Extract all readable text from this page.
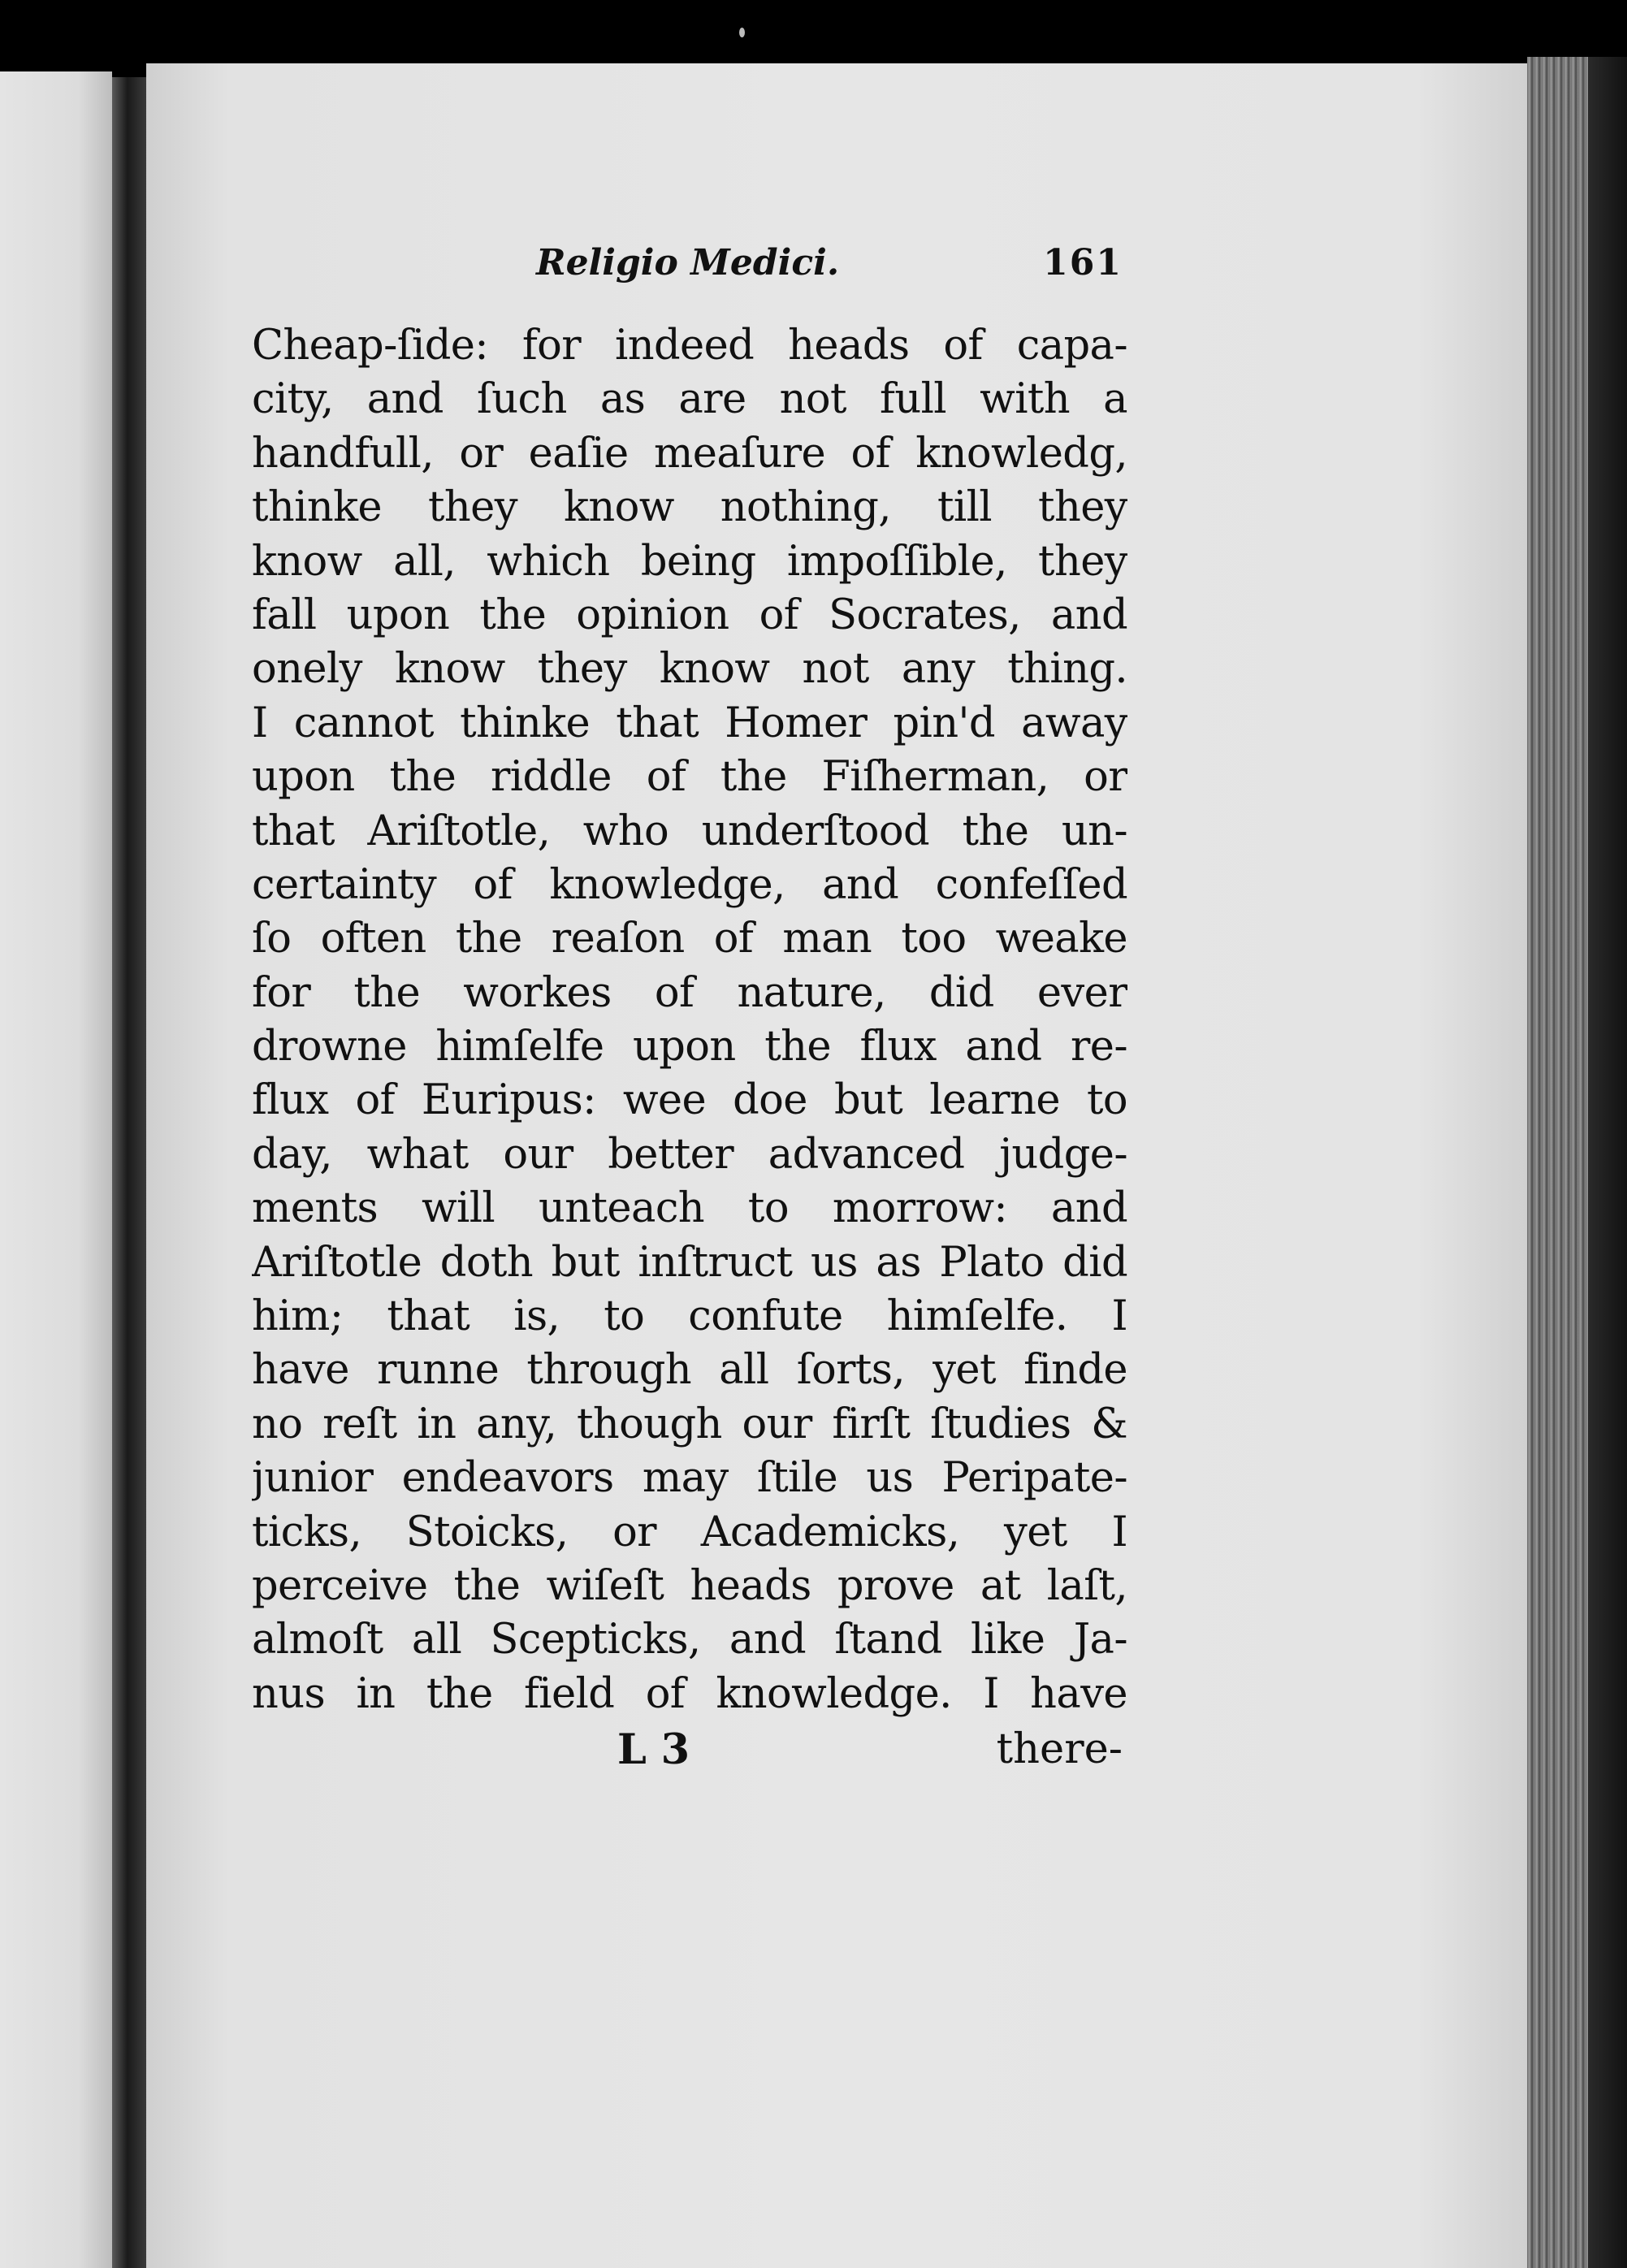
Religio Medici.	161
Cheap-ſide: for indeed heads of capa-
city, and ſuch as are not full with a
handfull, or eaſie meaſure of knowledg,
thinke they know nothing, till they
know all, which being impoſſible, they
fall upon the opinion of Socrates, and
onely know they know not any thing.
I cannot thinke that Homer pin'd away
upon the riddle of the Fiſherman, or
that Ariſtotle, who underſtood the un-
certainty of knowledge, and confeſſed
ſo often the reaſon of man too weake
for the workes of nature, did ever
drowne himſelfe upon the flux and re-
flux of Euripus: wee doe but learne to
day, what our better advanced judge-
ments will unteach to morrow: and
Ariſtotle doth but inſtruct us as Plato did
him; that is, to confute himſelfe. I
have runne through all ſorts, yet finde
no reſt in any, though our firſt ſtudies &
junior endeavors may ſtile us Peripate-
ticks, Stoicks, or Academicks, yet I
perceive the wiſeſt heads prove at laſt,
almoſt all Scepticks, and ſtand like Ja-
nus in the field of knowledge. I have
L 3	there-
